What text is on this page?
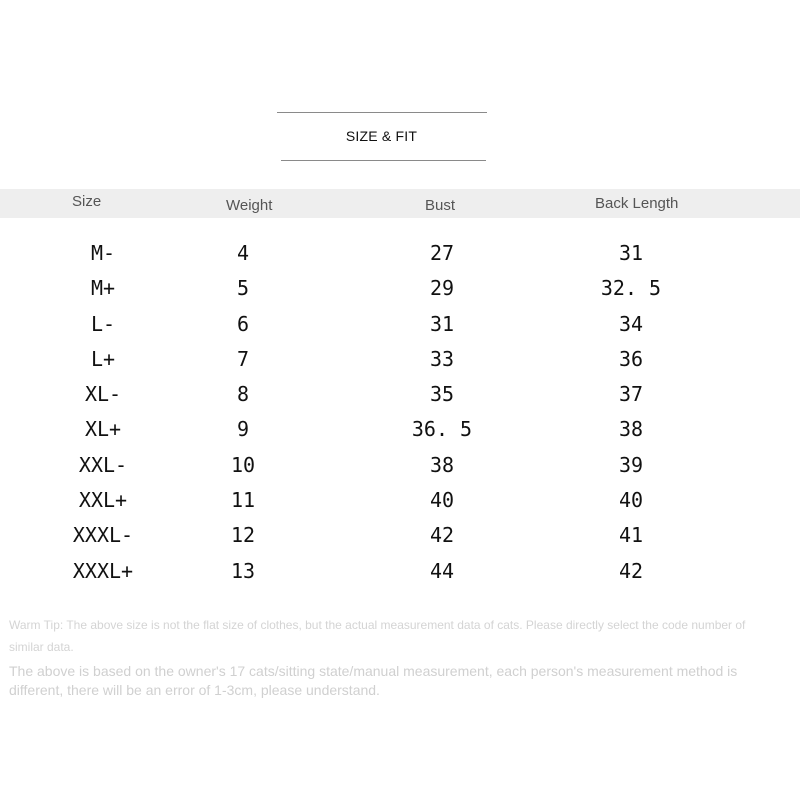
SIZE & FIT
Size	Weight	Bust	Back Length
M-	4	27	31
M+	5	29	32. 5
L-	6	31	34
L+	7	33	36
XL-	8	35	37
XL+	9	36. 5	38
XXL-	10	38	39
XXL+	11	40	40
XXXL-	12	42	41
XXXL+	13	44	42
Warm Tip: The above size is not the flat size of clothes, but the actual measurement data of cats. Please directly select the code number of similar data.
The above is based on the owner's 17 cats/sitting state/manual measurement, each person's measurement method is different, there will be an error of 1-3cm, please understand.
